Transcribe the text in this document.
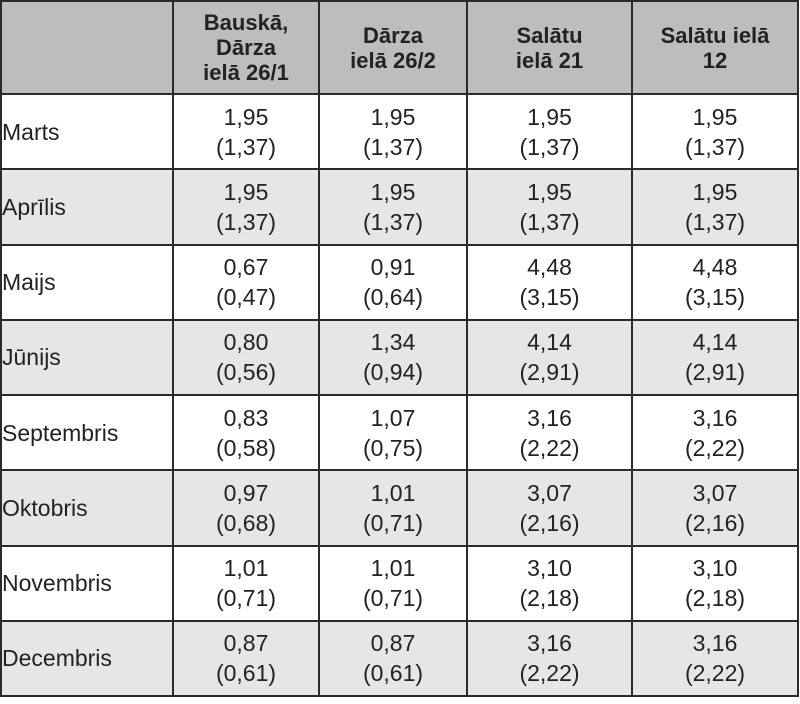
	Bauskā,
Dārza
ielā 26/1	Dārza
ielā 26/2	Salātu
ielā 21	Salātu ielā
12

Marts	1,95
(1,37)	1,95
(1,37)	1,95
(1,37)	1,95
(1,37)

Aprīlis	1,95
(1,37)	1,95
(1,37)	1,95
(1,37)	1,95
(1,37)

Maijs	0,67
(0,47)	0,91
(0,64)	4,48
(3,15)	4,48
(3,15)

Jūnijs	0,80
(0,56)	1,34
(0,94)	4,14
(2,91)	4,14
(2,91)

Septembris	0,83
(0,58)	1,07
(0,75)	3,16
(2,22)	3,16
(2,22)

Oktobris	0,97
(0,68)	1,01
(0,71)	3,07
(2,16)	3,07
(2,16)

Novembris	1,01
(0,71)	1,01
(0,71)	3,10
(2,18)	3,10
(2,18)

Decembris	0,87
(0,61)	0,87
(0,61)	3,16
(2,22)	3,16
(2,22)
